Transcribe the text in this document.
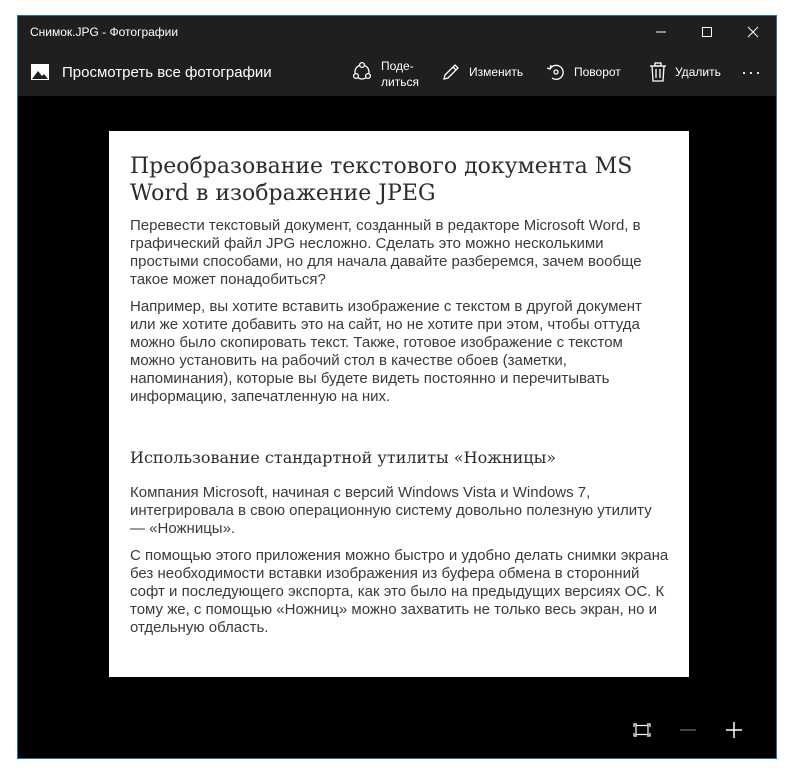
Снимок.JPG - Фотографии
Просмотреть все фотографии	Поде-
литься
Изменить	Поворот	Удалить ···
Преобразование текстового документа MS Word в изображение JPEG

Перевести текстовый документ, созданный в редакторе Microsoft Word, в графический файл JPG несложно. Сделать это можно несколькими простыми способами, но для начала давайте разберемся, зачем вообще такое может понадобиться?

Например, вы хотите вставить изображение с текстом в другой документ или же хотите добавить это на сайт, но не хотите при этом, чтобы оттуда можно было скопировать текст. Также, готовое изображение с текстом можно установить на рабочий стол в качестве обоев (заметки, напоминания), которые вы будете видеть постоянно и перечитывать информацию, запечатленную на них.

Использование стандартной утилиты «Ножницы»

Компания Microsoft, начиная с версий Windows Vista и Windows 7, интегрировала в свою операционную систему довольно полезную утилиту — «Ножницы».

С помощью этого приложения можно быстро и удобно делать снимки экрана без необходимости вставки изображения из буфера обмена в сторонний софт и последующего экспорта, как это было на предыдущих версиях ОС. К тому же, с помощью «Ножниц» можно захватить не только весь экран, но и отдельную область.
